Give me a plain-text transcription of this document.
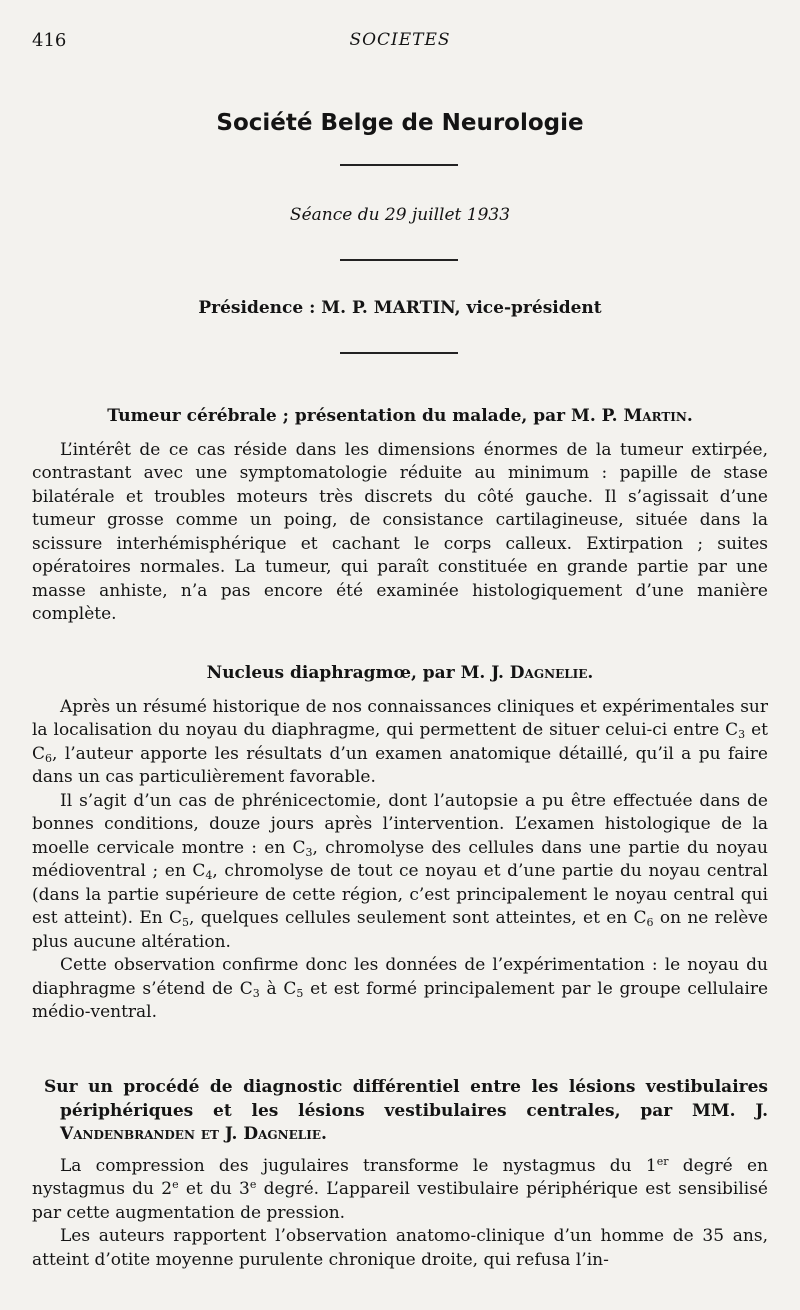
416	SOCIETES
Société Belge de Neurologie
Séance du 29 juillet 1933
Présidence : M. P. MARTIN, vice-président
Tumeur cérébrale ; présentation du malade, par M. P. Martin.

L’intérêt de ce cas réside dans les dimensions énormes de la tumeur extirpée, contrastant avec une symptomatologie réduite au minimum : papille de stase bilatérale et troubles moteurs très discrets du côté gauche. Il s’agissait d’une tumeur grosse comme un poing, de consistance cartilagineuse, située dans la scissure interhémisphérique et cachant le corps calleux. Extirpation ; suites opératoires normales. La tumeur, qui paraît constituée en grande partie par une masse anhiste, n’a pas encore été examinée histologiquement d’une manière complète.

Nucleus diaphragmœ, par M. J. Dagnelie.

Après un résumé historique de nos connaissances cliniques et expérimentales sur la localisation du noyau du diaphragme, qui permettent de situer celui-ci entre $C_3$ et $C_6$, l’auteur apporte les résultats d’un examen anatomique détaillé, qu’il a pu faire dans un cas particulièrement favorable.

Il s’agit d’un cas de phrénicectomie, dont l’autopsie a pu être effectuée dans de bonnes conditions, douze jours après l’intervention. L’examen histologique de la moelle cervicale montre : en $C_3$, chromolyse des cellules dans une partie du noyau médioventral ; en $C_4$, chromolyse de tout ce noyau et d’une partie du noyau central (dans la partie supérieure de cette région, c’est principalement le noyau central qui est atteint). En $C_5$, quelques cellules seulement sont atteintes, et en $C_6$ on ne relève plus aucune altération.

Cette observation confirme donc les données de l’expérimentation : le noyau du diaphragme s’étend de $C_3$ à $C_5$ et est formé principalement par le groupe cellulaire médio-ventral.

Sur un procédé de diagnostic différentiel entre les lésions vestibulaires périphériques et les lésions vestibulaires centrales, par MM. J. Vandenbranden et J. Dagnelie.

La compression des jugulaires transforme le nystagmus du 1er degré en nystagmus du 2e et du 3e degré. L’appareil vestibulaire périphérique est sensibilisé par cette augmentation de pression.

Les auteurs rapportent l’observation anatomo-clinique d’un homme de 35 ans, atteint d’otite moyenne purulente chronique droite, qui refusa l’in-
